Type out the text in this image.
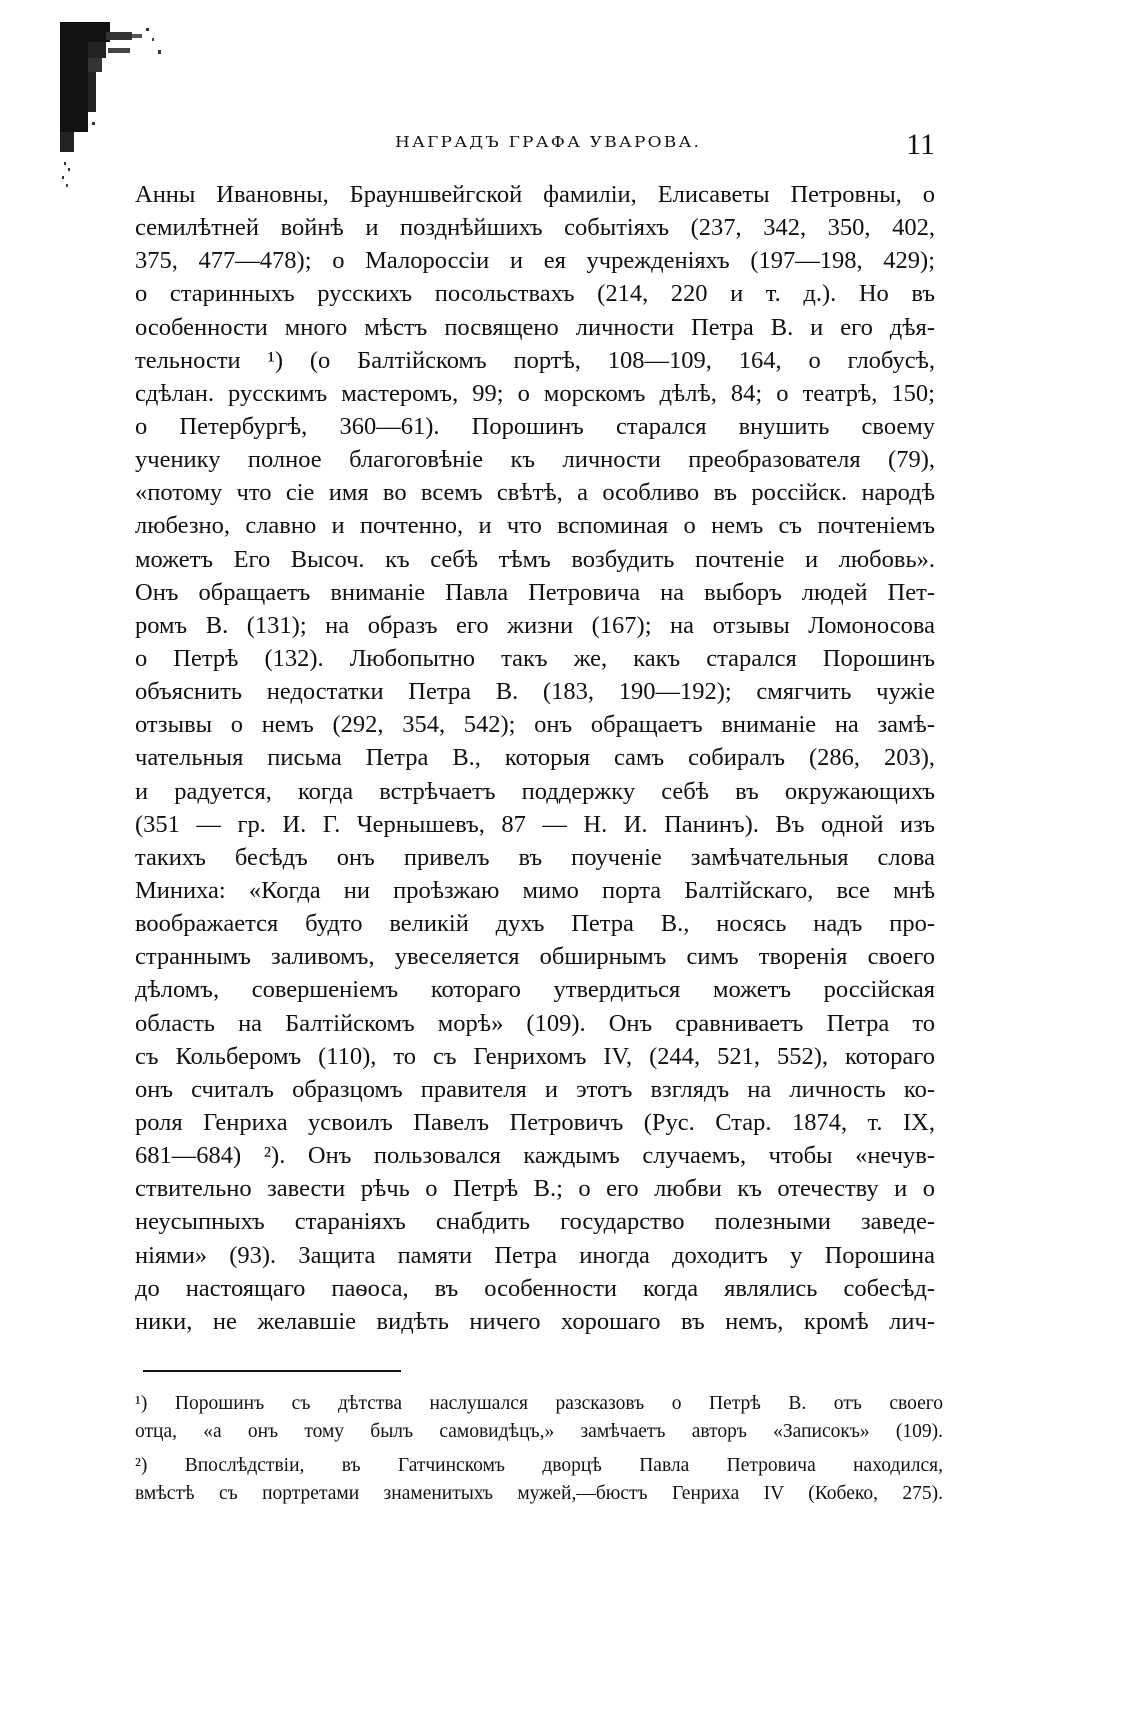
НАГРАДЪ ГРАФА УВАРОВА.	11
Анны Ивановны, Брауншвейгской фамиліи, Елисаветы Петровны, о
семилѣтней войнѣ и позднѣйшихъ событіяхъ (237, 342, 350, 402,
375, 477—478); о Малороссіи и ея учрежденіяхъ (197—198, 429);
о старинныхъ русскихъ посольствахъ (214, 220 и т. д.). Но въ
особенности много мѣстъ посвящено личности Петра В. и его дѣя-
тельности ¹) (о Балтійскомъ портѣ, 108—109, 164, о глобусѣ,
сдѣлан. русскимъ мастеромъ, 99; о морскомъ дѣлѣ, 84; о театрѣ, 150;
о Петербургѣ, 360—61). Порошинъ старался внушить своему
ученику полное благоговѣніе къ личности преобразователя (79),
«потому что сіе имя во всемъ свѣтѣ, а особливо въ россійск. народѣ
любезно, славно и почтенно, и что вспоминая о немъ съ почтеніемъ
можетъ Его Высоч. къ себѣ тѣмъ возбудить почтеніе и любовь».
Онъ обращаетъ вниманіе Павла Петровича на выборъ людей Пет-
ромъ В. (131); на образъ его жизни (167); на отзывы Ломоносова
о Петрѣ (132). Любопытно такъ же, какъ старался Порошинъ
объяснить недостатки Петра В. (183, 190—192); смягчить чужіе
отзывы о немъ (292, 354, 542); онъ обращаетъ вниманіе на замѣ-
чательныя письма Петра В., которыя самъ собиралъ (286, 203),
и радуется, когда встрѣчаетъ поддержку себѣ въ окружающихъ
(351 — гр. И. Г. Чернышевъ, 87 — Н. И. Панинъ). Въ одной изъ
такихъ бесѣдъ онъ привелъ въ поученіе замѣчательныя слова
Миниха: «Когда ни проѣзжаю мимо порта Балтійскаго, все мнѣ
воображается будто великій духъ Петра В., носясь надъ про-
страннымъ заливомъ, увеселяется обширнымъ симъ творенія своего
дѣломъ, совершеніемъ котораго утвердиться можетъ россійская
область на Балтійскомъ морѣ» (109). Онъ сравниваетъ Петра то
съ Кольберомъ (110), то съ Генрихомъ IV, (244, 521, 552), котораго
онъ считалъ образцомъ правителя и этотъ взглядъ на личность ко-
роля Генриха усвоилъ Павелъ Петровичъ (Рус. Стар. 1874, т. IX,
681—684) ²). Онъ пользовался каждымъ случаемъ, чтобы «нечув-
ствительно завести рѣчь о Петрѣ В.; о его любви къ отечеству и о
неусыпныхъ стараніяхъ снабдить государство полезными заведе-
ніями» (93). Защита памяти Петра иногда доходитъ у Порошина
до настоящаго паѳоса, въ особенности когда являлись собесѣд-
ники, не желавшіе видѣть ничего хорошаго въ немъ, кромѣ лич-
¹) Порошинъ съ дѣтства наслушался разсказовъ о Петрѣ В. отъ своего
отца, «а онъ тому былъ самовидѣцъ,» замѣчаетъ авторъ «Записокъ» (109).
²) Впослѣдствіи, въ Гатчинскомъ дворцѣ Павла Петровича находился,
вмѣстѣ съ портретами знаменитыхъ мужей,—бюстъ Генриха IV (Кобеко, 275).
